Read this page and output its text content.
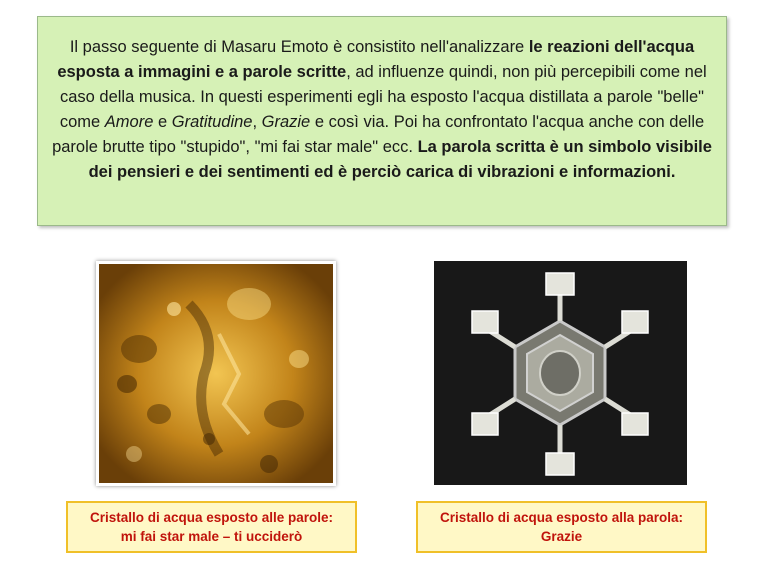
Il passo seguente di Masaru Emoto è consistito nell'analizzare le reazioni dell'acqua esposta a immagini e a parole scritte, ad influenze quindi, non più percepibili come nel caso della musica. In questi esperimenti egli ha esposto l'acqua distillata a parole "belle" come Amore e Gratitudine, Grazie e così via. Poi ha confrontato l'acqua anche con delle parole brutte tipo "stupido", "mi fai star male" ecc. La parola scritta è un simbolo visibile dei pensieri e dei sentimenti ed è perciò carica di vibrazioni e informazioni.
Cristallo di acqua esposto alle parole:
mi fai star male – ti ucciderò
Cristallo di acqua esposto alla parola:
Grazie
